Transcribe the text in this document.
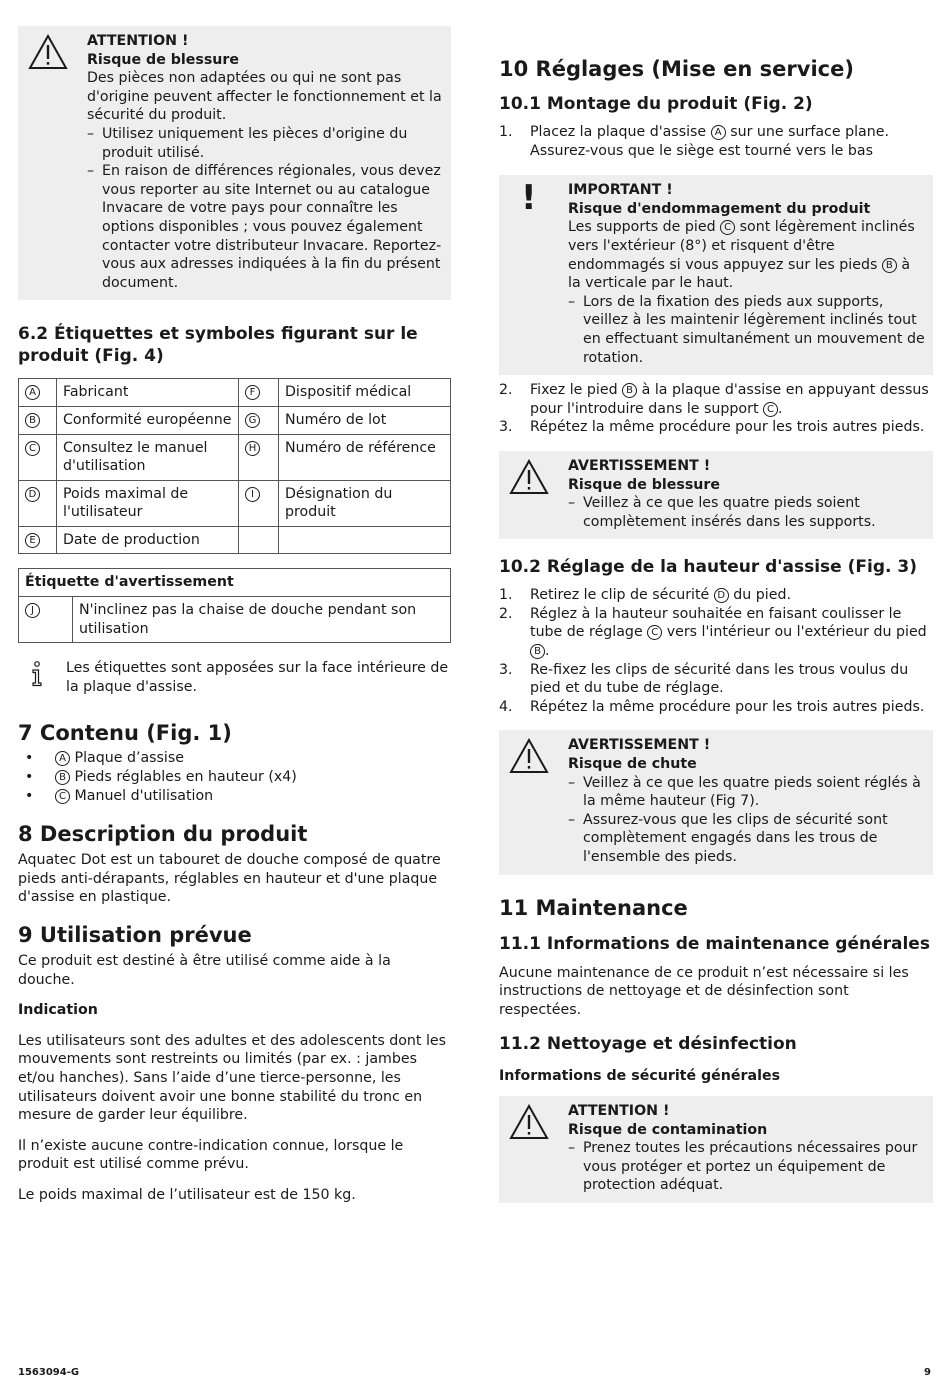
ATTENTION !
Risque de blessure

Des pièces non adaptées ou qui ne sont pas d'origine peuvent affecter le fonctionnement et la sécurité du produit.

– Utilisez uniquement les pièces d'origine du produit utilisé.
– En raison de différences régionales, vous devez vous reporter au site Internet ou au catalogue Invacare de votre pays pour connaître les options disponibles ; vous pouvez également contacter votre distributeur Invacare. Reportez-vous aux adresses indiquées à la fin du présent document.
6.2 Étiquettes et symboles figurant sur le produit (Fig. 4)
A	Fabricant	F	Dispositif médical
B	Conformité européenne	G	Numéro de lot
C	Consultez le manuel d'utilisation	H	Numéro de référence
D	Poids maximal de l'utilisateur	I	Désignation du produit
E	Date de production		
Étiquette d'avertissement
J	N'inclinez pas la chaise de douche pendant son utilisation

Les étiquettes sont apposées sur la face intérieure de la plaque d'assise.

7 Contenu (Fig. 1)
• A Plaque d’assise
• B Pieds réglables en hauteur (x4)
• C Manuel d'utilisation
8 Description du produit

Aquatec Dot est un tabouret de douche composé de quatre pieds anti-dérapants, réglables en hauteur et d'une plaque d'assise en plastique.

9 Utilisation prévue

Ce produit est destiné à être utilisé comme aide à la douche.

Indication

Les utilisateurs sont des adultes et des adolescents dont les mouvements sont restreints ou limités (par ex. : jambes et/ou hanches). Sans l’aide d’une tierce-personne, les utilisateurs doivent avoir une bonne stabilité du tronc en mesure de garder leur équilibre.

Il n’existe aucune contre-indication connue, lorsque le produit est utilisé comme prévu.

Le poids maximal de l’utilisateur est de 150 kg.

10 Réglages (Mise en service)
10.1 Montage du produit (Fig. 2)
1. Placez la plaque d'assise A sur une surface plane. Assurez-vous que le siège est tourné vers le bas
! IMPORTANT !
Risque d'endommagement du produit

Les supports de pied C sont légèrement inclinés vers l'extérieur (8°) et risquent d'être endommagés si vous appuyez sur les pieds B à la verticale par le haut.

– Lors de la fixation des pieds aux supports, veillez à les maintenir légèrement inclinés tout en effectuant simultanément un mouvement de rotation.
2. Fixez le pied B à la plaque d'assise en appuyant dessus pour l'introduire dans le support C .
3. Répétez la même procédure pour les trois autres pieds.
AVERTISSEMENT !
Risque de blessure
– Veillez à ce que les quatre pieds soient complètement insérés dans les supports.
10.2 Réglage de la hauteur d'assise (Fig. 3)
1. Retirez le clip de sécurité D du pied.
2. Réglez à la hauteur souhaitée en faisant coulisser le tube de réglage C vers l'intérieur ou l'extérieur du pied B .
3. Re-fixez les clips de sécurité dans les trous voulus du pied et du tube de réglage.
4. Répétez la même procédure pour les trois autres pieds.
AVERTISSEMENT !
Risque de chute
– Veillez à ce que les quatre pieds soient réglés à la même hauteur (Fig 7).
– Assurez-vous que les clips de sécurité sont complètement engagés dans les trous de l'ensemble des pieds.
11 Maintenance
11.1 Informations de maintenance générales

Aucune maintenance de ce produit n’est nécessaire si les instructions de nettoyage et de désinfection sont respectées.

11.2 Nettoyage et désinfection
Informations de sécurité générales
ATTENTION !
Risque de contamination
– Prenez toutes les précautions nécessaires pour vous protéger et portez un équipement de protection adéquat.
1563094-G	9
